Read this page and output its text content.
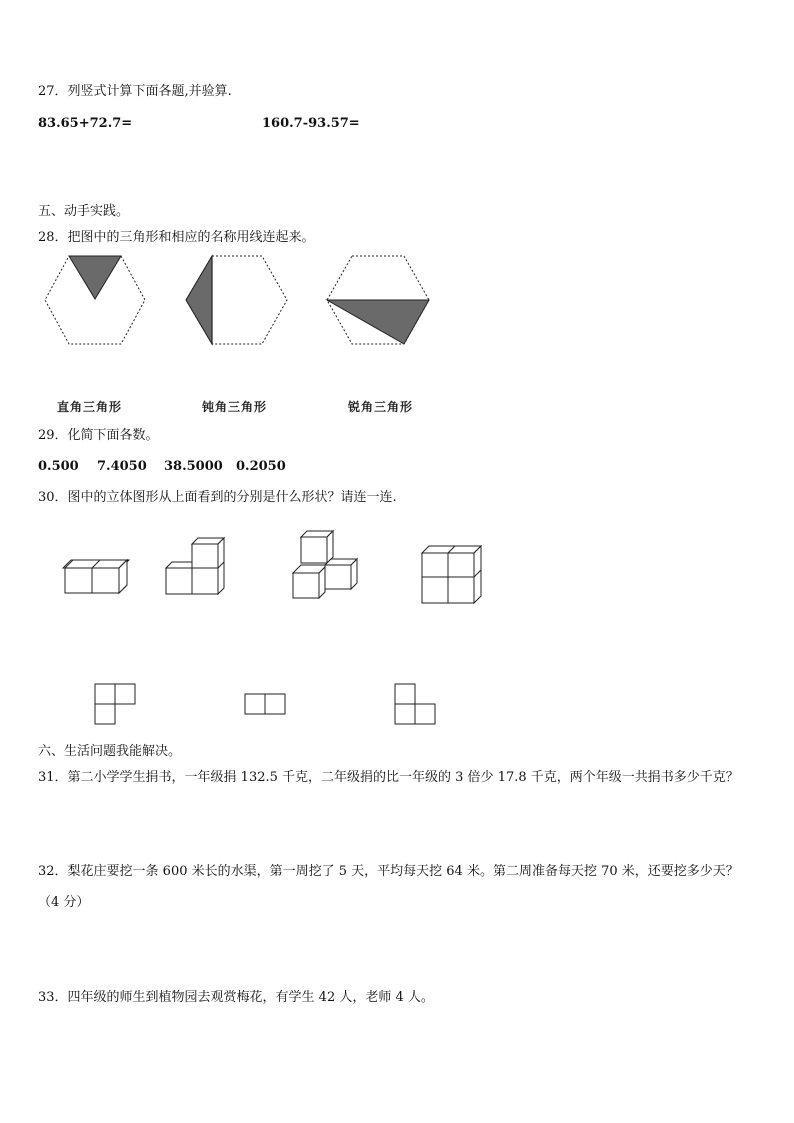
27．列竖式计算下面各题,并验算.
83.65+72.7=	160.7-93.57=
五、动手实践。
28．把图中的三角形和相应的名称用线连起来。
直角三角形	钝角三角形	锐角三角形
29．化简下面各数。
0.500 7.4050 38.5000 0.2050
30．图中的立体图形从上面看到的分别是什么形状？请连一连.
六、生活问题我能解决。
31．第二小学学生捐书，一年级捐 132.5 千克，二年级捐的比一年级的 3 倍少 17.8 千克，两个年级一共捐书多少千克？
32．梨花庄要挖一条 600 米长的水渠，第一周挖了 5 天，平均每天挖 64 米。第二周准备每天挖 70 米，还要挖多少天？
（4 分）
33．四年级的师生到植物园去观赏梅花，有学生 42 人，老师 4 人。
